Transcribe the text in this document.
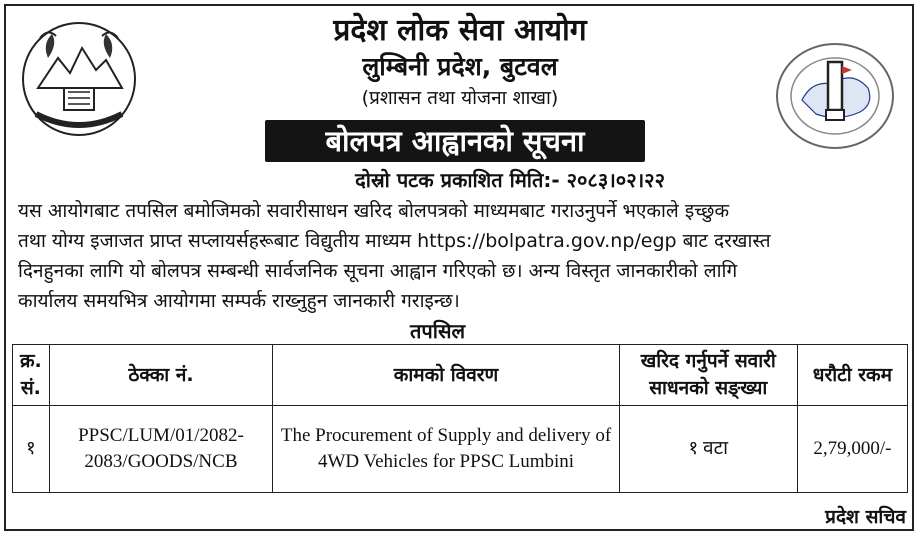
प्रदेश लोक सेवा आयोग

लुम्बिनी प्रदेश, बुटवल

(प्रशासन तथा योजना शाखा)

बोलपत्र आह्वानको सूचना
दोस्रो पटक प्रकाशित मिति:- २०८३।०२।२२
यस आयोगबाट तपसिल बमोजिमको सवारीसाधन खरिद बोलपत्रको माध्यमबाट गराउनुपर्ने भएकाले इच्छुक
तथा योग्य इजाजत प्राप्त सप्लायर्सहरूबाट विद्युतीय माध्यम https://bolpatra.gov.np/egp बाट दरखास्त
दिनहुनका लागि यो बोलपत्र सम्बन्धी सार्वजनिक सूचना आह्वान गरिएको छ। अन्य विस्तृत जानकारीको लागि
कार्यालय समयभित्र आयोगमा सम्पर्क राख्नुहुन जानकारी गराइन्छ।
तपसिल
क्र. सं.	ठेक्का नं.	कामको विवरण	खरिद गर्नुपर्ने सवारी साधनको सङ्ख्या	धरौटी रकम
१	PPSC/LUM/01/2082-2083/GOODS/NCB	The Procurement of Supply and delivery of 4WD Vehicles for PPSC Lumbini	१ वटा	2,79,000/-
प्रदेश सचिव
